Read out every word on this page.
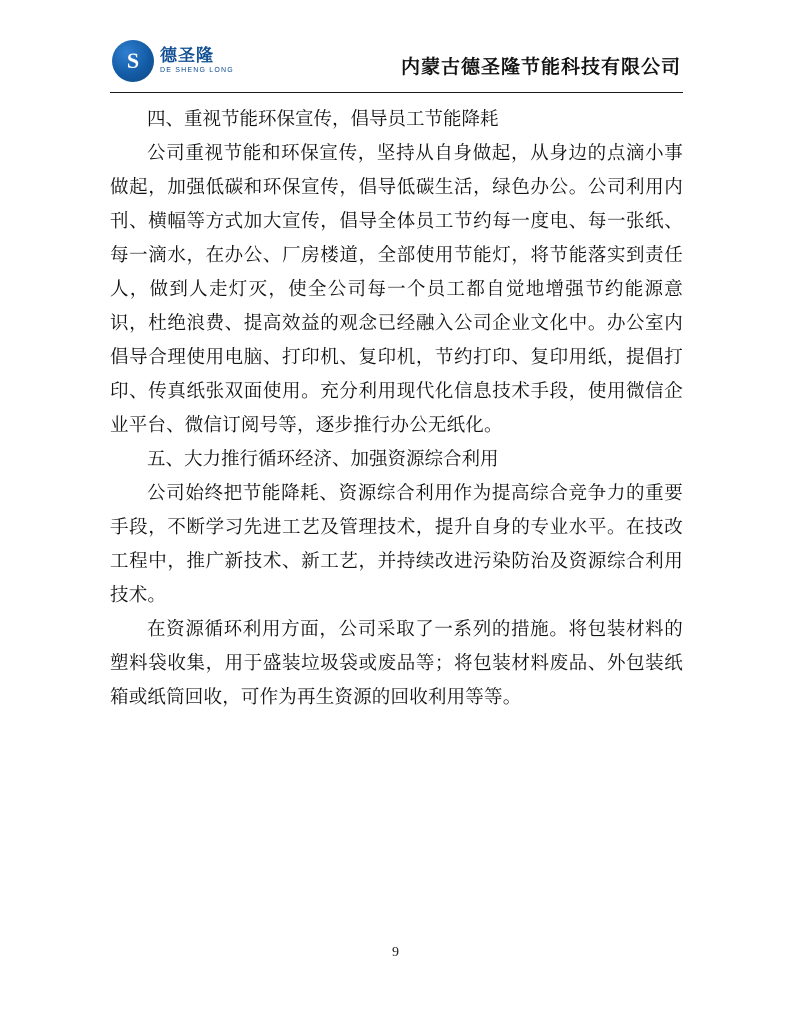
S	德圣隆
DE SHENG LONG	内蒙古德圣隆节能科技有限公司

四、重视节能环保宣传，倡导员工节能降耗

公司重视节能和环保宣传，坚持从自身做起，从身边的点滴小事做起，加强低碳和环保宣传，倡导低碳生活，绿色办公。公司利用内刊、横幅等方式加大宣传，倡导全体员工节约每一度电、每一张纸、每一滴水，在办公、厂房楼道，全部使用节能灯，将节能落实到责任人，做到人走灯灭，使全公司每一个员工都自觉地增强节约能源意识，杜绝浪费、提高效益的观念已经融入公司企业文化中。办公室内倡导合理使用电脑、打印机、复印机，节约打印、复印用纸，提倡打印、传真纸张双面使用。充分利用现代化信息技术手段，使用微信企业平台、微信订阅号等，逐步推行办公无纸化。

五、大力推行循环经济、加强资源综合利用

公司始终把节能降耗、资源综合利用作为提高综合竞争力的重要手段，不断学习先进工艺及管理技术，提升自身的专业水平。在技改工程中，推广新技术、新工艺，并持续改进污染防治及资源综合利用技术。

在资源循环利用方面，公司采取了一系列的措施。将包装材料的塑料袋收集，用于盛装垃圾袋或废品等；将包装材料废品、外包装纸箱或纸筒回收，可作为再生资源的回收利用等等。

9
